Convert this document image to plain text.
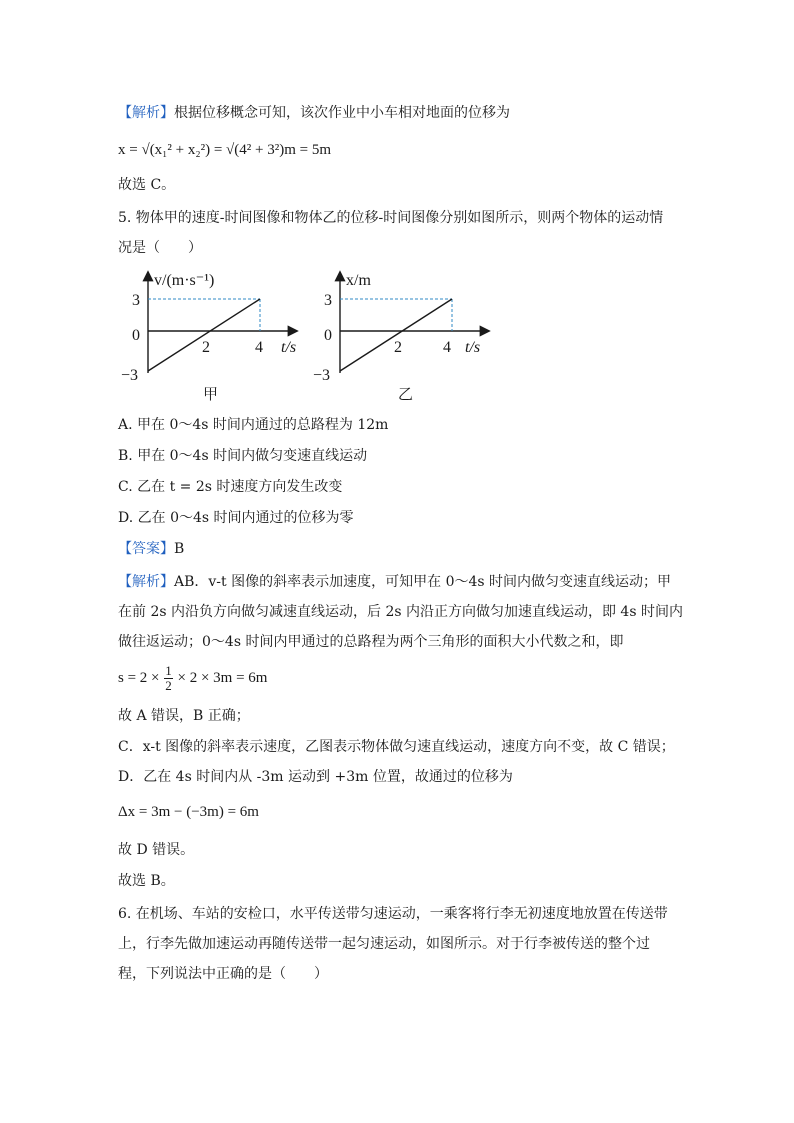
【解析】根据位移概念可知，该次作业中小车相对地面的位移为
x = √(x₁² + x₂²) = √(4² + 3²)m = 5m
故选 C。
5. 物体甲的速度-时间图像和物体乙的位移-时间图像分别如图所示，则两个物体的运动情
况是（　　）
v/(m·s⁻¹)
t/s
3
0
−3
2	4
甲
x/m
t/s
3
0
−3
2	4
乙
A. 甲在 0～4s 时间内通过的总路程为 12m
B. 甲在 0～4s 时间内做匀变速直线运动
C. 乙在 t = 2s 时速度方向发生改变
D. 乙在 0～4s 时间内通过的位移为零
【答案】B
【解析】AB．v-t 图像的斜率表示加速度，可知甲在 0～4s 时间内做匀变速直线运动；甲
在前 2s 内沿负方向做匀减速直线运动，后 2s 内沿正方向做匀加速直线运动，即 4s 时间内
做往返运动；0～4s 时间内甲通过的总路程为两个三角形的面积大小代数之和，即
$s = 2 \times \frac{1}{2} \times 2 \times 3m = 6m$
故 A 错误，B 正确；
C．x-t 图像的斜率表示速度，乙图表示物体做匀速直线运动，速度方向不变，故 C 错误；
D．乙在 4s 时间内从 -3m 运动到 +3m 位置，故通过的位移为
Δx = 3m − (−3m) = 6m
故 D 错误。
故选 B。
6. 在机场、车站的安检口，水平传送带匀速运动，一乘客将行李无初速度地放置在传送带
上，行李先做加速运动再随传送带一起匀速运动，如图所示。对于行李被传送的整个过
程，下列说法中正确的是（　　）
